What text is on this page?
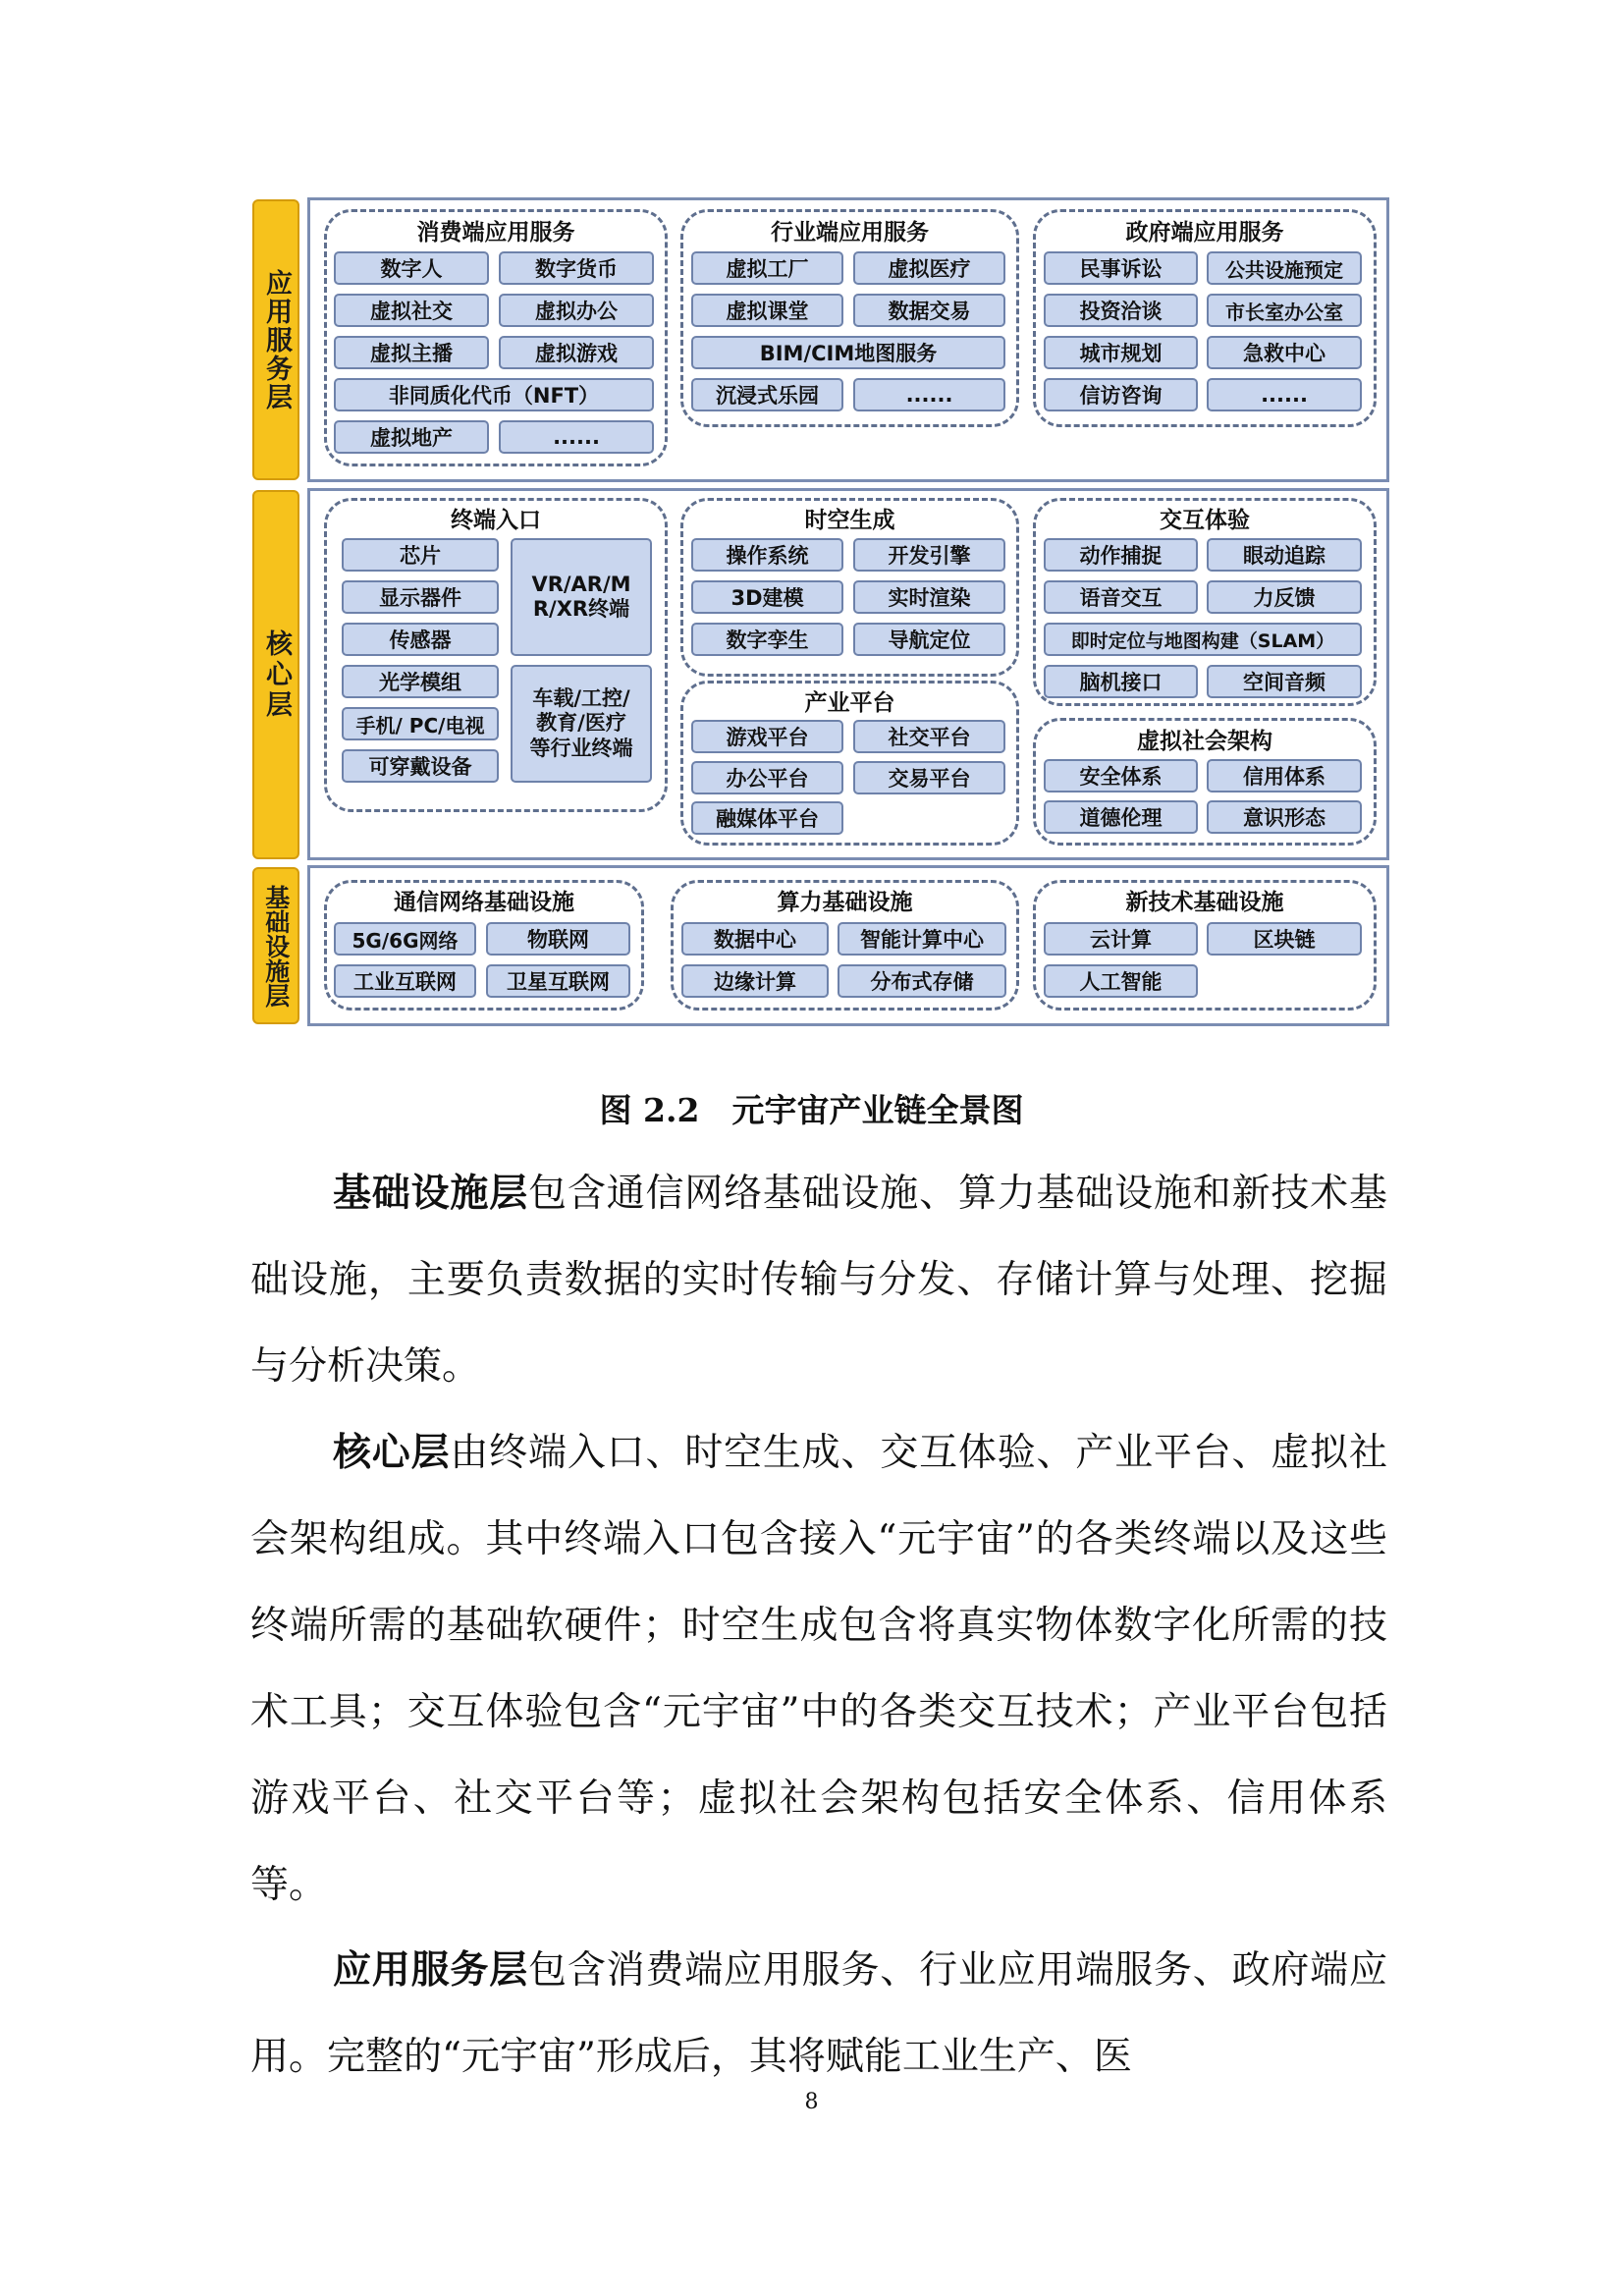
应用服务层
消费端应用服务
数字人	数字货币
虚拟社交	虚拟办公
虚拟主播	虚拟游戏
非同质化代币（NFT）
虚拟地产	......
行业端应用服务
虚拟工厂	虚拟医疗
虚拟课堂	数据交易
BIM/CIM地图服务
沉浸式乐园	......
政府端应用服务
民事诉讼	公共设施预定
投资洽谈	市长室办公室
城市规划	急救中心
信访咨询	......
核心层
终端入口
芯片
显示器件
传感器
光学模组
手机/ PC/电视
可穿戴设备
VR/AR/MR/XR终端
车载/工控/教育/医疗等行业终端
时空生成
操作系统	开发引擎
3D建模	实时渲染
数字孪生	导航定位
产业平台
游戏平台	社交平台
办公平台	交易平台
融媒体平台
交互体验
动作捕捉	眼动追踪
语音交互	力反馈
即时定位与地图构建（SLAM）
脑机接口	空间音频
虚拟社会架构
安全体系	信用体系
道德伦理	意识形态
基础设施层	通信网络基础设施
5G/6G网络	物联网
工业互联网	卫星互联网
算力基础设施
数据中心	智能计算中心
边缘计算	分布式存储
新技术基础设施
云计算	区块链
人工智能
图 2.2　元宇宙产业链全景图
基础设施层包含通信网络基础设施、算力基础设施和新技术基础设施，主要负责数据的实时传输与分发、存储计算与处理、挖掘与分析决策。
核心层由终端入口、时空生成、交互体验、产业平台、虚拟社会架构组成。其中终端入口包含接入“元宇宙”的各类终端以及这些终端所需的基础软硬件；时空生成包含将真实物体数字化所需的技术工具；交互体验包含“元宇宙”中的各类交互技术；产业平台包括游戏平台、社交平台等；虚拟社会架构包括安全体系、信用体系等。
应用服务层包含消费端应用服务、行业应用端服务、政府端应用。完整的“元宇宙”形成后，其将赋能工业生产、医
8
